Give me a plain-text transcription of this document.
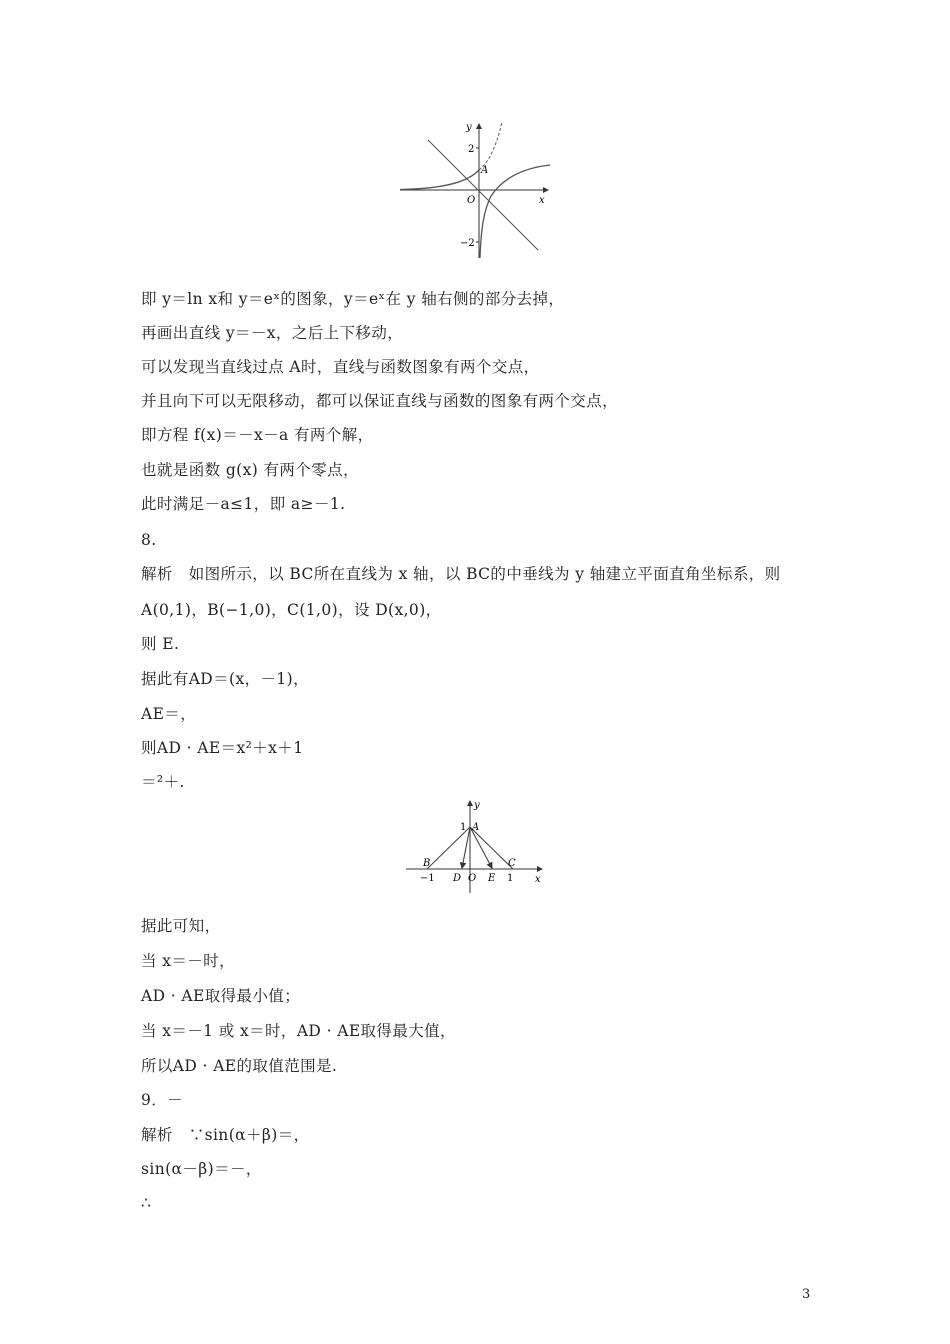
y
2
A
O	x
−2
即 y＝ln x和 y＝eˣ的图象，y＝eˣ在 y 轴右侧的部分去掉，
再画出直线 y＝－x，之后上下移动，
可以发现当直线过点 A时，直线与函数图象有两个交点，
并且向下可以无限移动，都可以保证直线与函数的图象有两个交点，
即方程 f(x)＝－x－a 有两个解，
也就是函数 g(x) 有两个零点，
此时满足－a≤1，即 a≥－1.
8.
解析　如图所示，以 BC所在直线为 x 轴，以 BC的中垂线为 y 轴建立平面直角坐标系，则
A(0,1)，B(−1,0)，C(1,0)，设 D(x,0)，
则 E.
据此有AD＝(x，－1)，
AE＝，
则AD · AE＝x²＋x＋1
＝²＋.
y
1 A
B	C
−1 D O E 1 x
据此可知，
当 x＝－时，
AD · AE取得最小值；
当 x＝－1 或 x＝时，AD · AE取得最大值，
所以AD · AE的取值范围是.
9．－
解析　∵sin(α＋β)＝，
sin(α－β)＝－，
∴
3
